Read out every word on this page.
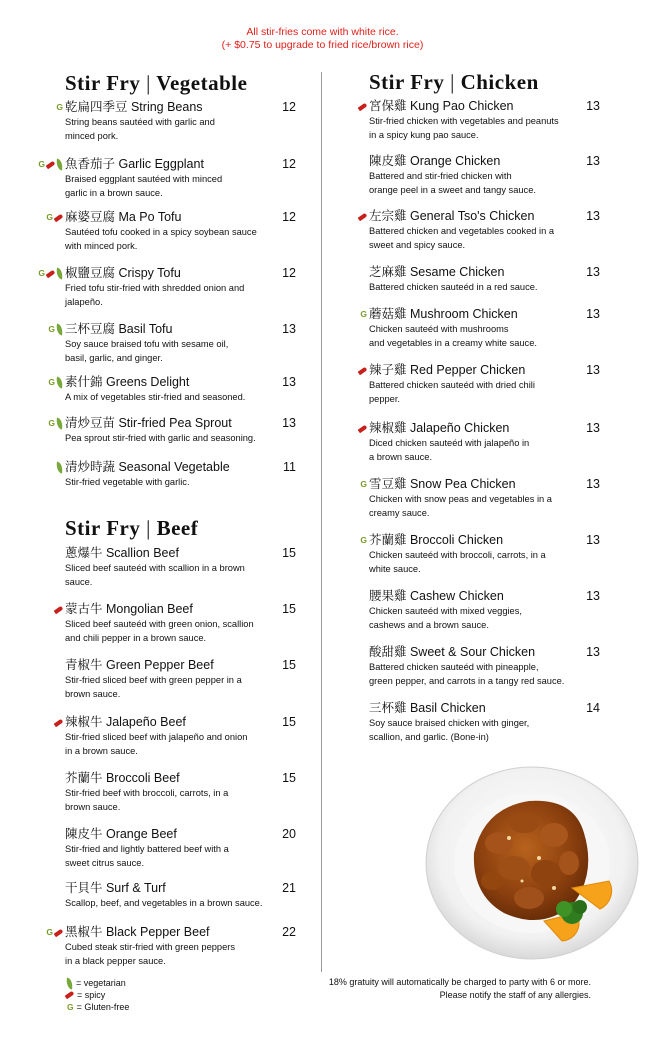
All stir-fries come with white rice.
(+ $0.75 to upgrade to fried rice/brown rice)
Stir Fry | Vegetable
G 乾扁四季豆 String Beans
String beans sautéed with garlic and
minced pork.
12
G 魚香茄子 Garlic Eggplant
Braised eggplant sautéed with minced
garlic in a brown sauce.
12
G 麻婆豆腐 Ma Po Tofu
Sautéed tofu cooked in a spicy soybean sauce
with minced pork.
12
G 椒鹽豆腐 Crispy Tofu
Fried tofu stir-fried with shredded onion and
jalapeño.
12
G 三杯豆腐 Basil Tofu
Soy sauce braised tofu with sesame oil,
basil, garlic, and ginger.
13
G 素什錦 Greens Delight
A mix of vegetables stir-fried and seasoned.
13
G 清炒豆苗 Stir-fried Pea Sprout
Pea sprout stir-fried with garlic and seasoning.
13
清炒時蔬 Seasonal Vegetable
Stir-fried vegetable with garlic.
11
Stir Fry | Beef
蔥爆牛 Scallion Beef
Sliced beef sauteéd with scallion in a brown
sauce.
15
蒙古牛 Mongolian Beef
Sliced beef sauteéd with green onion, scallion
and chili pepper in a brown sauce.
15
青椒牛 Green Pepper Beef
Stir-fried sliced beef with green pepper in a
brown sauce.
15
辣椒牛 Jalapeño Beef
Stir-fried sliced beef with jalapeño and onion
in a brown sauce.
15
芥蘭牛 Broccoli Beef
Stir-fried beef with broccoli, carrots, in a
brown sauce.
15
陳皮牛 Orange Beef
Stir-fried and lightly battered beef with a
sweet citrus sauce.
20
干貝牛 Surf & Turf
Scallop, beef, and vegetables in a brown sauce.
21
G 黑椒牛 Black Pepper Beef
Cubed steak stir-fried with green peppers
in a black pepper sauce.
22
Stir Fry | Chicken
宮保雞 Kung Pao Chicken
Stir-fried chicken with vegetables and peanuts
in a spicy kung pao sauce.
13
陳皮雞 Orange Chicken
Battered and stir-fried chicken with
orange peel in a sweet and tangy sauce.
13
左宗雞 General Tso's Chicken
Battered chicken and vegetables cooked in a
sweet and spicy sauce.
13
芝麻雞 Sesame Chicken
Battered chicken sauteéd in a red sauce.
13
G 蘑菇雞 Mushroom Chicken
Chicken sauteéd with mushrooms
and vegetables in a creamy white sauce.
13
辣子雞 Red Pepper Chicken
Battered chicken sauteéd with dried chili
pepper.
13
辣椒雞 Jalapeño Chicken
Diced chicken sauteéd with jalapeño in
a brown sauce.
13
G 雪豆雞 Snow Pea Chicken
Chicken with snow peas and vegetables in a
creamy sauce.
13
G 芥蘭雞 Broccoli Chicken
Chicken sauteéd with broccoli, carrots, in a
white sauce.
13
腰果雞 Cashew Chicken
Chicken sauteéd with mixed veggies,
cashews and a brown sauce.
13
酸甜雞 Sweet & Sour Chicken
Battered chicken sauteéd with pineapple,
green pepper, and carrots in a tangy red sauce.
13
三杯雞 Basil Chicken
Soy sauce braised chicken with ginger,
scallion, and garlic. (Bone-in)
14
= vegetarian
= spicy
G = Gluten-free
18% gratuity will automatically be charged to party with 6 or more.
Please notify the staff of any allergies.
